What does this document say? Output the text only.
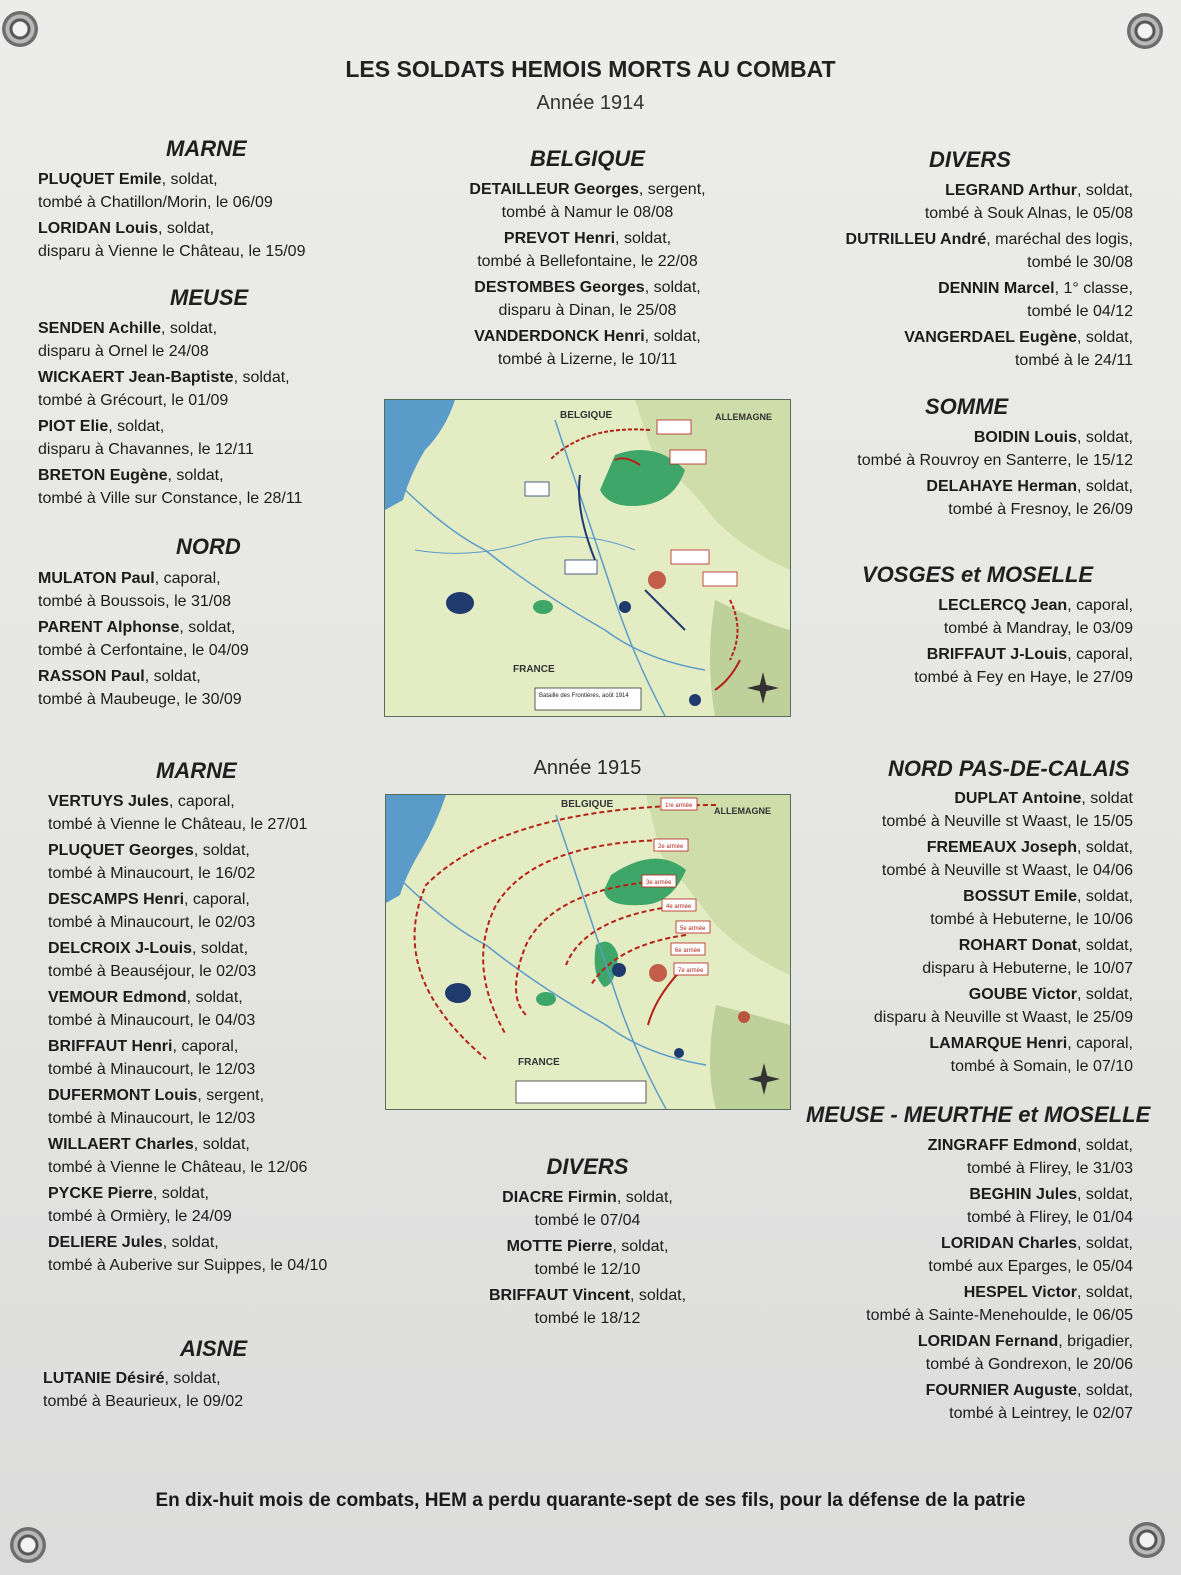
LES SOLDATS HEMOIS MORTS AU COMBAT
Année 1914
MARNE
PLUQUET Emile, soldat,
tombé à Chatillon/Morin, le 06/09
LORIDAN Louis, soldat,
disparu à Vienne le Château, le 15/09
MEUSE
SENDEN Achille, soldat,
disparu à Ornel le 24/08
WICKAERT Jean-Baptiste, soldat,
tombé à Grécourt, le 01/09
PIOT Elie, soldat,
disparu à Chavannes, le 12/11
BRETON Eugène, soldat,
tombé à Ville sur Constance, le 28/11
NORD
MULATON Paul, caporal,
tombé à Boussois, le 31/08
PARENT Alphonse, soldat,
tombé à Cerfontaine, le 04/09
RASSON Paul, soldat,
tombé à Maubeuge, le 30/09
BELGIQUE
DETAILLEUR Georges, sergent,
tombé à Namur le 08/08
PREVOT Henri, soldat,
tombé à Bellefontaine, le 22/08
DESTOMBES Georges, soldat,
disparu à Dinan, le 25/08
VANDERDONCK Henri, soldat,
tombé à Lizerne, le 10/11
DIVERS
LEGRAND Arthur, soldat,
tombé à Souk Alnas, le 05/08
DUTRILLEU André, maréchal des logis,
tombé le 30/08
DENNIN Marcel, 1° classe,
tombé le 04/12
VANGERDAEL Eugène, soldat,
tombé à le 24/11
SOMME
BOIDIN Louis, soldat,
tombé à Rouvroy en Santerre, le 15/12
DELAHAYE Herman, soldat,
tombé à Fresnoy, le 26/09
VOSGES et MOSELLE
LECLERCQ Jean, caporal,
tombé à Mandray, le 03/09
BRIFFAUT J-Louis, caporal,
tombé à Fey en Haye, le 27/09
Bataille des Frontières, août 1914
BELGIQUE	ALLEMAGNE
FRANCE
Année 1915
MARNE
VERTUYS Jules, caporal,
tombé à Vienne le Château, le 27/01
PLUQUET Georges, soldat,
tombé à Minaucourt, le 16/02
DESCAMPS Henri, caporal,
tombé à Minaucourt, le 02/03
DELCROIX J-Louis, soldat,
tombé à Beauséjour, le 02/03
VEMOUR Edmond, soldat,
tombé à Minaucourt, le 04/03
BRIFFAUT Henri, caporal,
tombé à Minaucourt, le 12/03
DUFERMONT Louis, sergent,
tombé à Minaucourt, le 12/03
WILLAERT Charles, soldat,
tombé à Vienne le Château, le 12/06
PYCKE Pierre, soldat,
tombé à Ormièry, le 24/09
DELIERE Jules, soldat,
tombé à Auberive sur Suippes, le 04/10
AISNE
LUTANIE Désiré, soldat,
tombé à Beaurieux, le 09/02
DIVERS
DIACRE Firmin, soldat,
tombé le 07/04
MOTTE Pierre, soldat,
tombé le 12/10
BRIFFAUT Vincent, soldat,
tombé le 18/12
NORD PAS-DE-CALAIS
DUPLAT Antoine, soldat
tombé à Neuville st Waast, le 15/05
FREMEAUX Joseph, soldat,
tombé à Neuville st Waast, le 04/06
BOSSUT Emile, soldat,
tombé à Hebuterne, le 10/06
ROHART Donat, soldat,
disparu à Hebuterne, le 10/07
GOUBE Victor, soldat,
disparu à Neuville st Waast, le 25/09
LAMARQUE Henri, caporal,
tombé à Somain, le 07/10
MEUSE - MEURTHE et MOSELLE
ZINGRAFF Edmond, soldat,
tombé à Flirey, le 31/03
BEGHIN Jules, soldat,
tombé à Flirey, le 01/04
LORIDAN Charles, soldat,
tombé aux Eparges, le 05/04
HESPEL Victor, soldat,
tombé à Sainte-Menehoulde, le 06/05
LORIDAN Fernand, brigadier,
tombé à Gondrexon, le 20/06
FOURNIER Auguste, soldat,
tombé à Leintrey, le 02/07
BELGIQUE
ALLEMAGNE
FRANCE
1re armée
2e armée
3e armée
4e armée
5e armée
6e armée
7e armée
En dix-huit mois de combats, HEM a perdu quarante-sept de ses fils, pour la défense de la patrie
